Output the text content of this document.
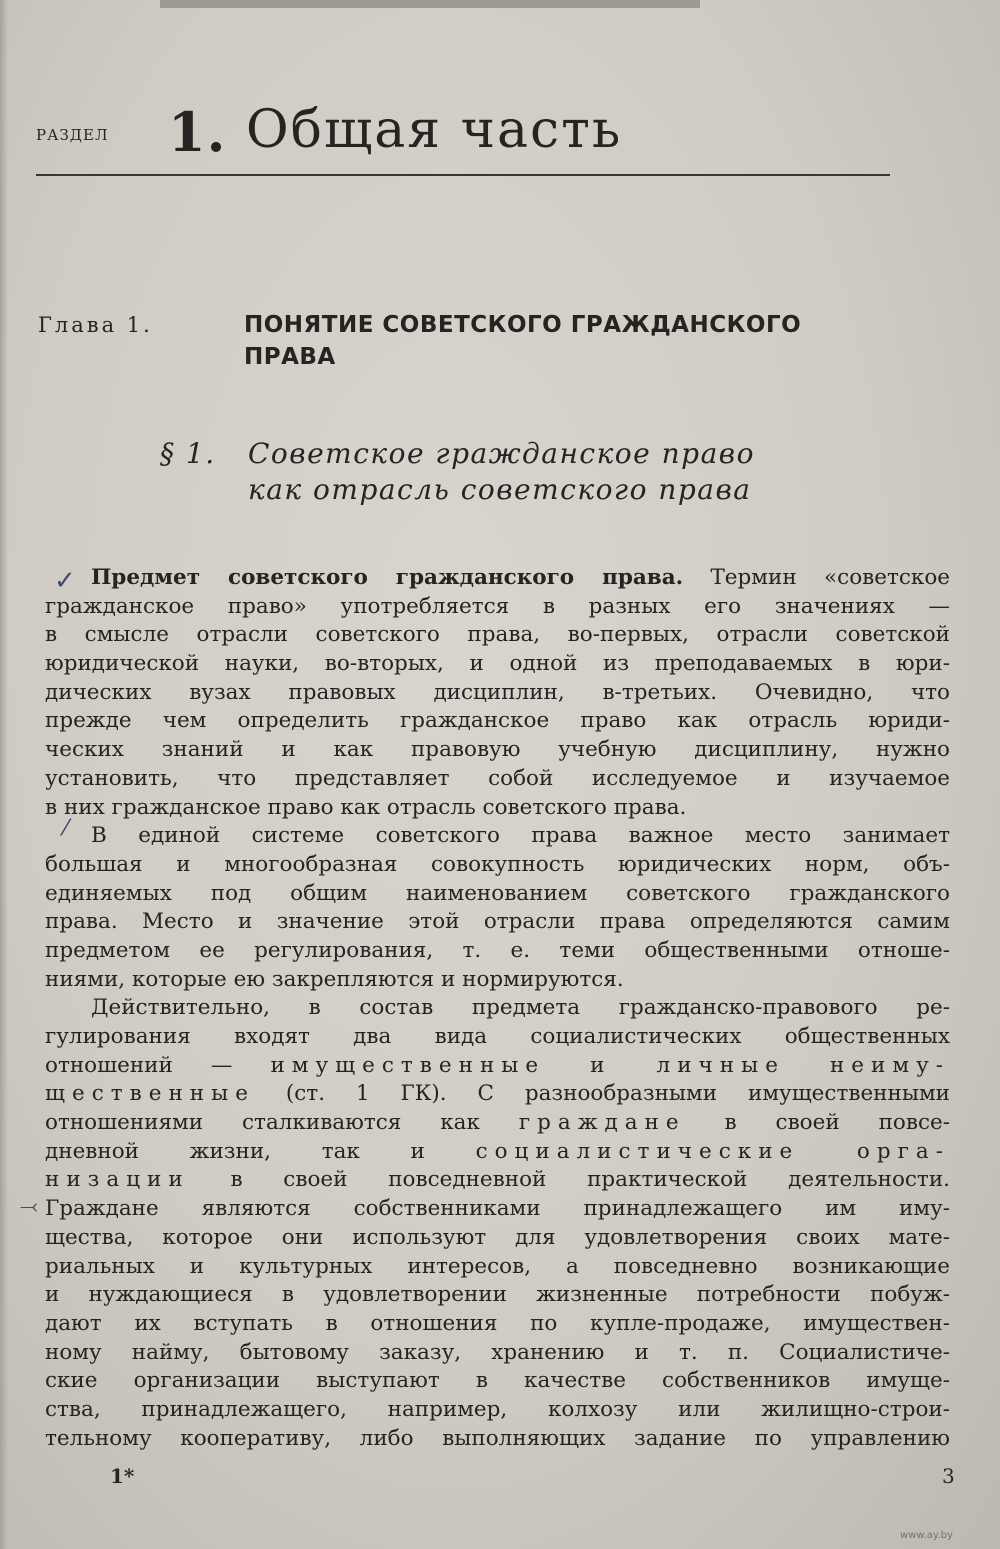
РАЗДЕЛ 1. Общая часть
Глава 1.	ПОНЯТИЕ СОВЕТСКОГО ГРАЖДАНСКОГО
ПРАВА
§ 1. Советское гражданское право
как отрасль советского права
✓
⁄
⤙
Предмет советского гражданского права. Термин «советское
гражданское право» употребляется в разных его значениях —
в смысле отрасли советского права, во-первых, отрасли советской
юридической науки, во-вторых, и одной из преподаваемых в юри-
дических вузах правовых дисциплин, в-третьих. Очевидно, что
прежде чем определить гражданское право как отрасль юриди-
ческих знаний и как правовую учебную дисциплину, нужно
установить, что представляет собой исследуемое и изучаемое
в них гражданское право как отрасль советского права.
В единой системе советского права важное место занимает
большая и многообразная совокупность юридических норм, объ-
единяемых под общим наименованием советского гражданского
права. Место и значение этой отрасли права определяются самим
предметом ее регулирования, т. е. теми общественными отноше-
ниями, которые ею закрепляются и нормируются.
Действительно, в состав предмета гражданско-правового ре-
гулирования входят два вида социалистических общественных
отношений — имущественные и личные неиму-
щественные (ст. 1 ГК). С разнообразными имущественными
отношениями сталкиваются как граждане в своей повсе-
дневной жизни, так и социалистические орга-
низации в своей повседневной практической деятельности.
Граждане являются собственниками принадлежащего им иму-
щества, которое они используют для удовлетворения своих мате-
риальных и культурных интересов, а повседневно возникающие
и нуждающиеся в удовлетворении жизненные потребности побуж-
дают их вступать в отношения по купле-продаже, имуществен-
ному найму, бытовому заказу, хранению и т. п. Социалистиче-
ские организации выступают в качестве собственников имуще-
ства, принадлежащего, например, колхозу или жилищно-строи-
тельному кооперативу, либо выполняющих задание по управлению
1*	3
www.ay.by
